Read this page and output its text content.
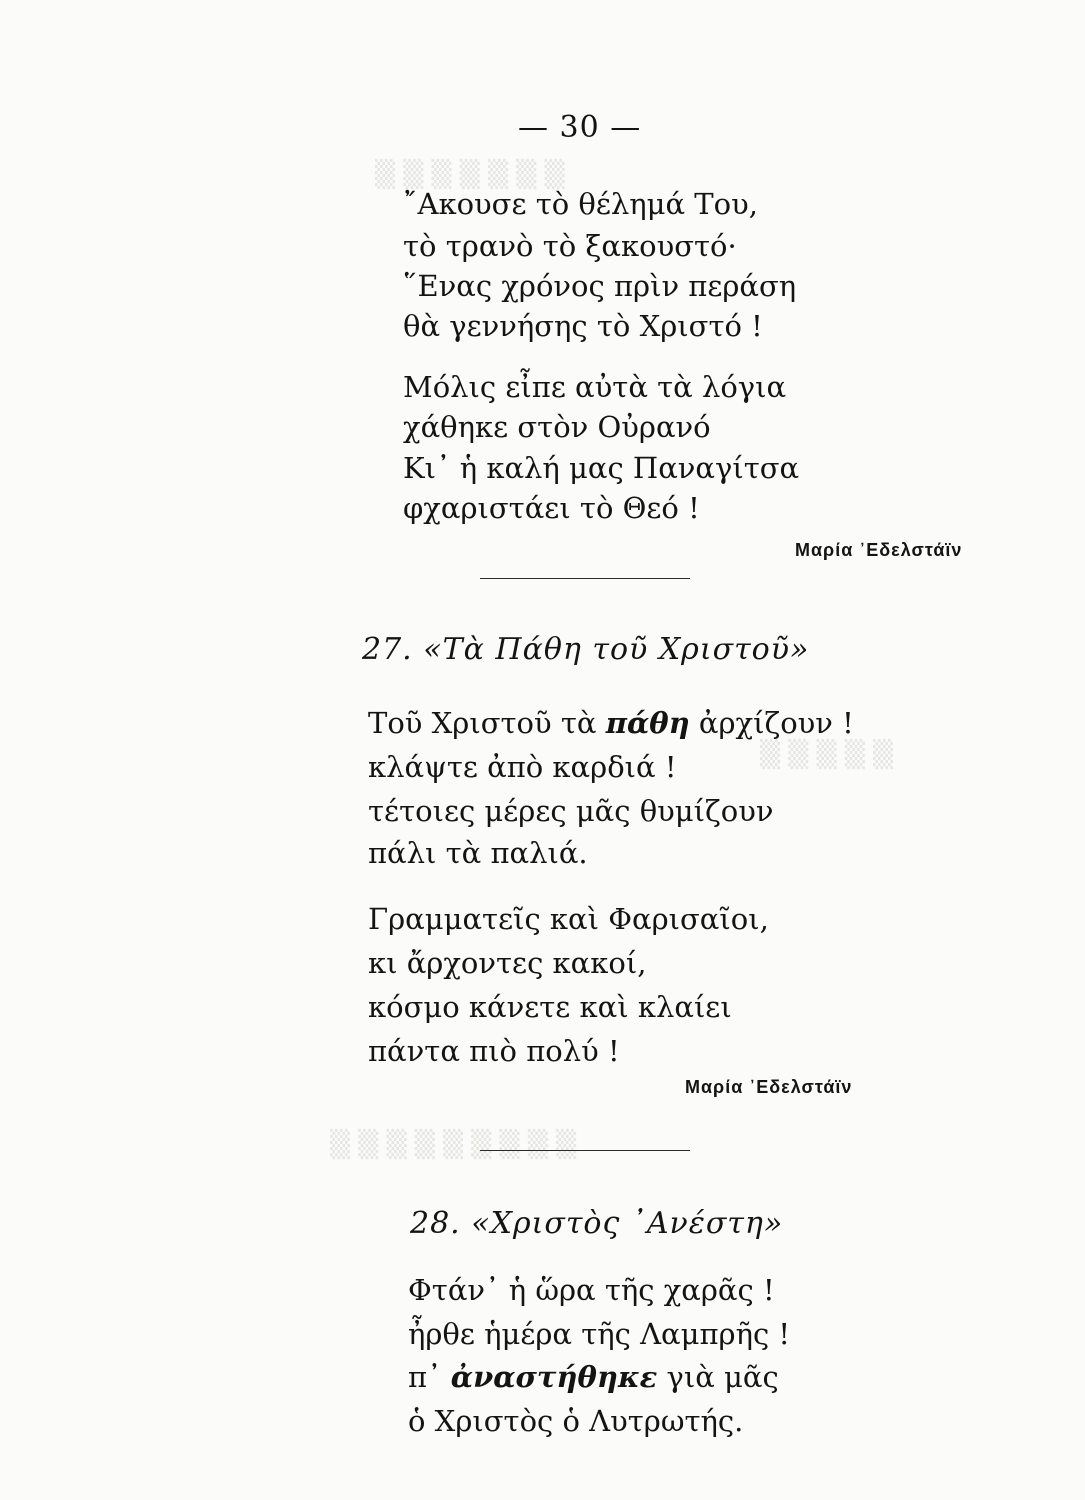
▒ ▒ ▒ ▒ ▒ ▒ ▒
▒ ▒ ▒ ▒ ▒
▒ ▒ ▒ ▒ ▒ ▒ ▒ ▒ ▒
— 30 —
῎Ακουσε τὸ θέλημά Του,
τὸ τρανὸ τὸ ξακουστό·
῞Ενας χρόνος πρὶν περάση
θὰ γεννήσης τὸ Χριστό !
Μόλις εἶπε αὐτὰ τὰ λόγια
χάθηκε στὸν Οὐρανό
Κι᾿ ἡ καλή μας Παναγίτσα
φχαριστάει τὸ Θεό !
Μαρία ᾿Εδελστάϊν
27. «Τὰ Πάθη τοῦ Χριστοῦ»
Τοῦ Χριστοῦ τὰ πάθη ἀρχίζουν !
κλάψτε ἀπὸ καρδιά !
τέτοιες μέρες μᾶς θυμίζουν
πάλι τὰ παλιά.
Γραμματεῖς καὶ Φαρισαῖοι,
κι ἄρχοντες κακοί,
κόσμο κάνετε καὶ κλαίει
πάντα πιὸ πολύ !
Μαρία ᾿Εδελστάϊν
28. «Χριστὸς ᾿Ανέστη»
Φτάν᾿ ἡ ὥρα τῆς χαρᾶς !
ἦρθε ἡμέρα τῆς Λαμπρῆς !
π᾿ ἀναστήθηκε γιὰ μᾶς
ὁ Χριστὸς ὁ Λυτρωτής.
